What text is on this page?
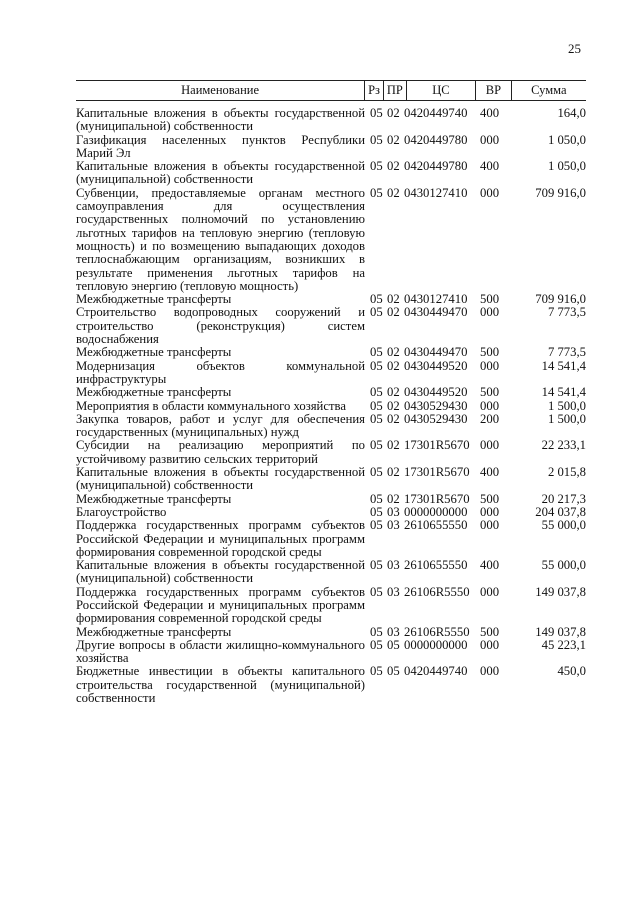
25
Наименование	Рз ПР	ЦС	ВР	Сумма
Капитальные вложения в объекты государственной (муниципальной) собственности
05 02 0420449740 400	164,0
Газификация населенных пунктов Республики Марий Эл
05 02 0420449780 000	1 050,0
Капитальные вложения в объекты государственной (муниципальной) собственности
05 02 0420449780 400	1 050,0
Субвенции, предоставляемые органам местного самоуправления для осуществления государственных полномочий по установлению льготных тарифов на тепловую энергию (тепловую мощность) и по возмещению выпадающих доходов теплоснабжающим организациям, возникших в результате применения льготных тарифов на тепловую энергию (тепловую мощность)
05 02 0430127410 000	709 916,0
Межбюджетные трансферты	05 02 0430127410 500	709 916,0
Строительство водопроводных сооружений и строительство (реконструкция) систем водоснабжения
05 02 0430449470 000	7 773,5
Межбюджетные трансферты	05 02 0430449470 500	7 773,5
Модернизация объектов коммунальной инфраструктуры
05 02 0430449520 000	14 541,4
Межбюджетные трансферты	05 02 0430449520 500	14 541,4
Мероприятия в области коммунального хозяйства	05 02 0430529430 000	1 500,0
Закупка товаров, работ и услуг для обеспечения государственных (муниципальных) нужд
05 02 0430529430 200	1 500,0
Субсидии на реализацию мероприятий по устойчивому развитию сельских территорий
05 02 17301R5670 000	22 233,1
Капитальные вложения в объекты государственной (муниципальной) собственности
05 02 17301R5670 400	2 015,8
Межбюджетные трансферты	05 02 17301R5670 500	20 217,3
Благоустройство	05 03 0000000000 000	204 037,8
Поддержка государственных программ субъектов Российской Федерации и муниципальных программ формирования современной городской среды
05 03 2610655550 000	55 000,0
Капитальные вложения в объекты государственной (муниципальной) собственности
05 03 2610655550 400	55 000,0
Поддержка государственных программ субъектов Российской Федерации и муниципальных программ формирования современной городской среды
05 03 26106R5550 000	149 037,8
Межбюджетные трансферты	05 03 26106R5550 500	149 037,8
Другие вопросы в области жилищно-коммунального хозяйства
05 05 0000000000 000	45 223,1
Бюджетные инвестиции в объекты капитального строительства государственной (муниципальной) собственности
05 05 0420449740 000	450,0
